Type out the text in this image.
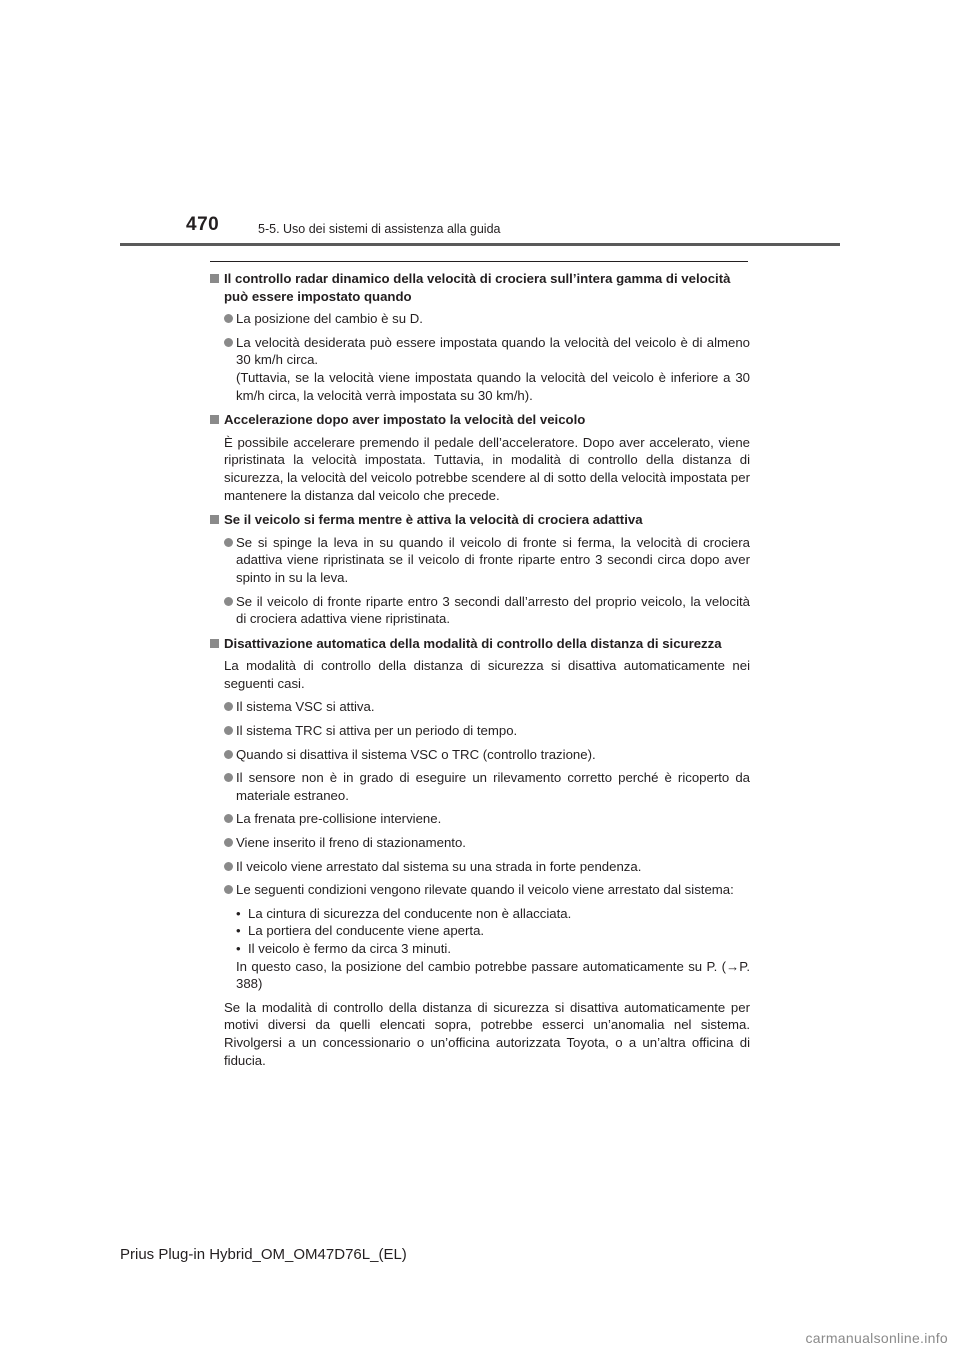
470	5-5. Uso dei sistemi di assistenza alla guida
Il controllo radar dinamico della velocità di crociera sull’intera gamma di velocità può essere impostato quando
La posizione del cambio è su D.
La velocità desiderata può essere impostata quando la velocità del veicolo è di almeno 30 km/h circa.
(Tuttavia, se la velocità viene impostata quando la velocità del veicolo è inferiore a 30 km/h circa, la velocità verrà impostata su 30 km/h).
Accelerazione dopo aver impostato la velocità del veicolo
È possibile accelerare premendo il pedale dell’acceleratore. Dopo aver accelerato, viene ripristinata la velocità impostata. Tuttavia, in modalità di controllo della distanza di sicurezza, la velocità del veicolo potrebbe scendere al di sotto della velocità impostata per mantenere la distanza dal veicolo che precede.
Se il veicolo si ferma mentre è attiva la velocità di crociera adattiva
Se si spinge la leva in su quando il veicolo di fronte si ferma, la velocità di crociera adattiva viene ripristinata se il veicolo di fronte riparte entro 3 secondi circa dopo aver spinto in su la leva.
Se il veicolo di fronte riparte entro 3 secondi dall’arresto del proprio veicolo, la velocità di crociera adattiva viene ripristinata.
Disattivazione automatica della modalità di controllo della distanza di sicurezza
La modalità di controllo della distanza di sicurezza si disattiva automaticamente nei seguenti casi.
Il sistema VSC si attiva.
Il sistema TRC si attiva per un periodo di tempo.
Quando si disattiva il sistema VSC o TRC (controllo trazione).
Il sensore non è in grado di eseguire un rilevamento corretto perché è ricoperto da materiale estraneo.
La frenata pre-collisione interviene.
Viene inserito il freno di stazionamento.
Il veicolo viene arrestato dal sistema su una strada in forte pendenza.
Le seguenti condizioni vengono rilevate quando il veicolo viene arrestato dal sistema:
• La cintura di sicurezza del conducente non è allacciata.
• La portiera del conducente viene aperta.
• Il veicolo è fermo da circa 3 minuti.
In questo caso, la posizione del cambio potrebbe passare automaticamente su P. (→P. 388)
Se la modalità di controllo della distanza di sicurezza si disattiva automaticamente per motivi diversi da quelli elencati sopra, potrebbe esserci un’anomalia nel sistema. Rivolgersi a un concessionario o un’officina autorizzata Toyota, o a un’altra officina di fiducia.
Prius Plug-in Hybrid_OM_OM47D76L_(EL)
carmanualsonline.info
